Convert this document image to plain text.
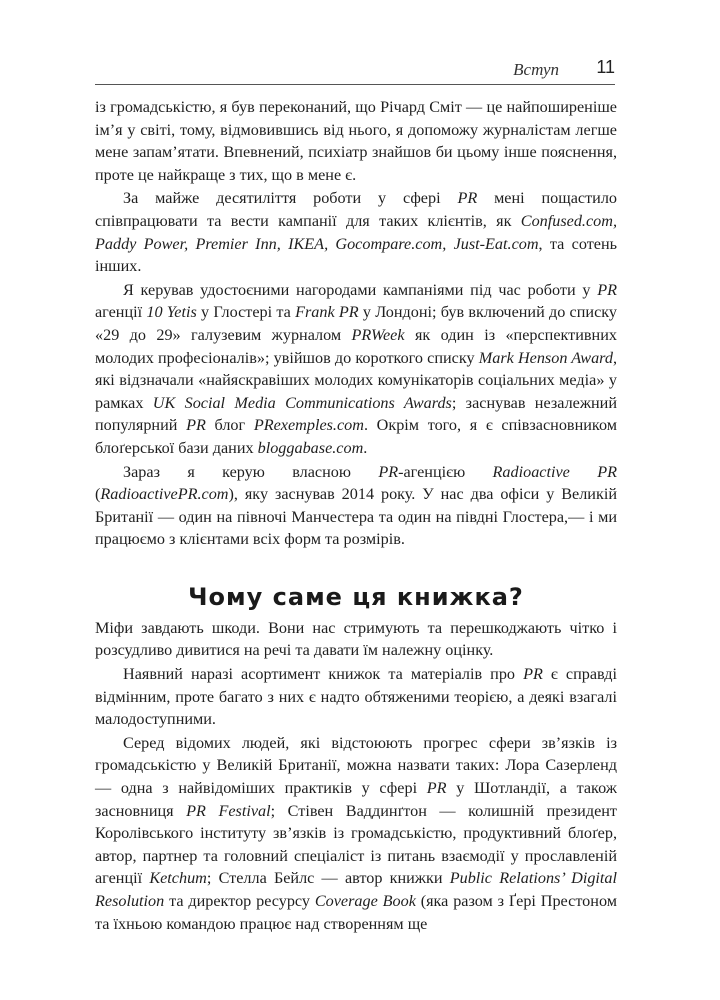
Вступ 11

із громадськістю, я був переконаний, що Річард Сміт — це найпоширеніше ім’я у світі, тому, відмовившись від нього, я допоможу журналістам легше мене запам’ятати. Впевнений, психіатр знайшов би цьому інше пояснення, проте це найкраще з тих, що в мене є.

За майже десятиліття роботи у сфері PR мені пощастило співпрацювати та вести кампанії для таких клієнтів, як Confused.com, Paddy Power, Premier Inn, IKEA, Gocompare.com, Just-Eat.com, та сотень інших.

Я керував удостоєними нагородами кампаніями під час роботи у PR агенції 10 Yetis у Глостері та Frank PR у Лондоні; був включений до списку «29 до 29» галузевим журналом PRWeek як один із «перспективних молодих професіоналів»; увійшов до короткого списку Mark Henson Award, які відзначали «найяскравіших молодих комунікаторів соціальних медіа» у рамках UK Social Media Communications Awards; заснував незалежний популярний PR блог PRexemples.com. Окрім того, я є співзасновником блоґерської бази даних bloggabase.com.

Зараз я керую власною PR-агенцією Radioactive PR (RadioactivePR.com), яку заснував 2014 року. У нас два офіси у Великій Британії — один на півночі Манчестера та один на півдні Глостера,— і ми працюємо з клієнтами всіх форм та розмірів.

Чому саме ця книжка?

Міфи завдають шкоди. Вони нас стримують та перешкоджають чітко і розсудливо дивитися на речі та давати їм належну оцінку.

Наявний наразі асортимент книжок та матеріалів про PR є справді відмінним, проте багато з них є надто обтяженими теорією, а деякі взагалі малодоступними.

Серед відомих людей, які відстоюють прогрес сфери зв’язків із громадськістю у Великій Британії, можна назвати таких: Лора Сазерленд — одна з найвідоміших практиків у сфері PR у Шотландії, а також засновниця PR Festival; Стівен Ваддинґтон — колишній президент Королівського інституту зв’язків із громадськістю, продуктивний блоґер, автор, партнер та головний спеціаліст із питань взаємодії у прославленій агенції Ketchum; Стелла Бейлс — автор книжки Public Relations’ Digital Resolution та директор ресурсу Coverage Book (яка разом з Ґері Престоном та їхньою командою працює над створенням ще
